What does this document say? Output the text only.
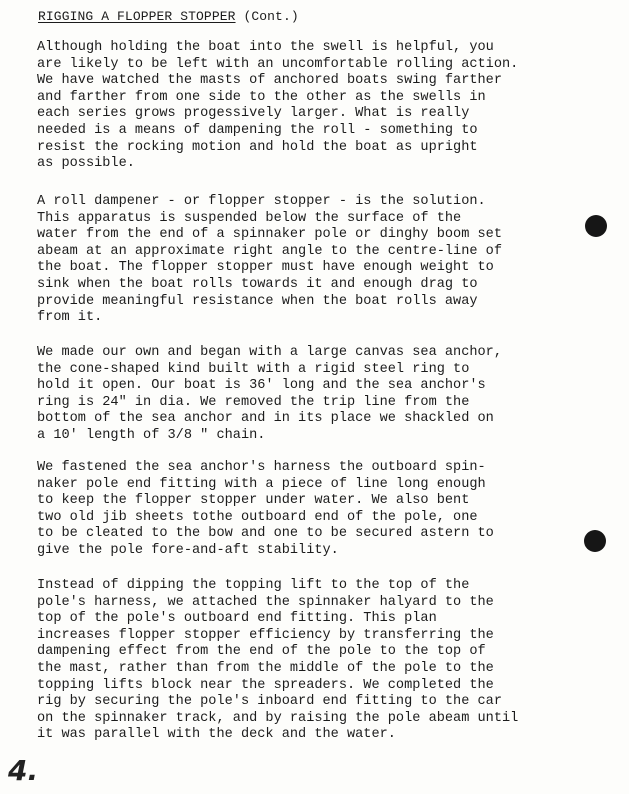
RIGGING A FLOPPER STOPPER (Cont.)
Although holding the boat into the swell is helpful, you
are likely to be left with an uncomfortable rolling action.
We have watched the masts of anchored boats swing farther
and farther from one side to the other as the swells in
each series grows progessively larger. What is really
needed is a means of dampening the roll - something to
resist the rocking motion and hold the boat as upright
as possible.
A roll dampener - or flopper stopper - is the solution.
This apparatus is suspended below the surface of the
water from the end of a spinnaker pole or dinghy boom set
abeam at an approximate right angle to the centre-line of
the boat. The flopper stopper must have enough weight to
sink when the boat rolls towards it and enough drag to
provide meaningful resistance when the boat rolls away
from it.
We made our own and began with a large canvas sea anchor,
the cone-shaped kind built with a rigid steel ring to
hold it open. Our boat is 36' long and the sea anchor's
ring is 24" in dia. We removed the trip line from the
bottom of the sea anchor and in its place we shackled on
a 10' length of 3/8 " chain.
We fastened the sea anchor's harness the outboard spin-
naker pole end fitting with a piece of line long enough
to keep the flopper stopper under water. We also bent
two old jib sheets tothe outboard end of the pole, one
to be cleated to the bow and one to be secured astern to
give the pole fore-and-aft stability.
Instead of dipping the topping lift to the top of the
pole's harness, we attached the spinnaker halyard to the
top of the pole's outboard end fitting. This plan
increases flopper stopper efficiency by transferring the
dampening effect from the end of the pole to the top of
the mast, rather than from the middle of the pole to the
topping lifts block near the spreaders. We completed the
rig by securing the pole's inboard end fitting to the car
on the spinnaker track, and by raising the pole abeam until
it was parallel with the deck and the water.
4.
